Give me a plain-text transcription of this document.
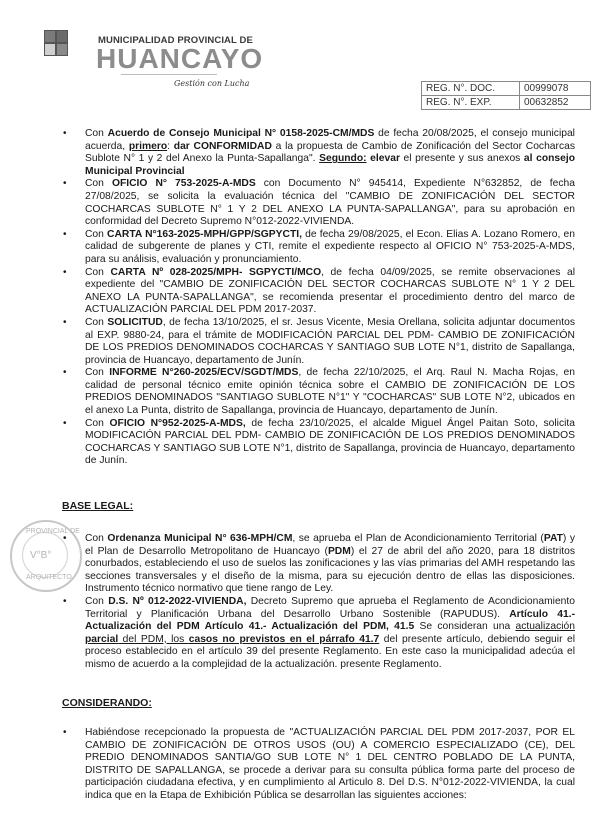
MUNICIPALIDAD PROVINCIAL DE
HUANCAYO
Gestión con Lucha	REG. N°. DOC.	00999078
REG. N°. EXP.	00632852
• Con Acuerdo de Consejo Municipal N° 0158-2025-CM/MDS de fecha 20/08/2025, el consejo municipal acuerda, primero: dar CONFORMIDAD a la propuesta de Cambio de Zonificación del Sector Cocharcas Sublote N° 1 y 2 del Anexo la Punta-Sapallanga". Segundo: elevar el presente y sus anexos al consejo Municipal Provincial
• Con OFICIO N° 753-2025-A-MDS con Documento N° 945414, Expediente N°632852, de fecha 27/08/2025, se solicita la evaluación técnica del "CAMBIO DE ZONIFICACIÓN DEL SECTOR COCHARCAS SUBLOTE N° 1 Y 2 DEL ANEXO LA PUNTA-SAPALLANGA", para su aprobación en conformidad del Decreto Supremo N°012-2022-VIVIENDA.
• Con CARTA N°163-2025-MPH/GPP/SGPYCTI, de fecha 29/08/2025, el Econ. Elias A. Lozano Romero, en calidad de subgerente de planes y CTI, remite el expediente respecto al OFICIO N° 753-2025-A-MDS, para su análisis, evaluación y pronunciamiento.
• Con CARTA Nº 028-2025/MPH- SGPYCTI/MCO, de fecha 04/09/2025, se remite observaciones al expediente del "CAMBIO DE ZONIFICACIÓN DEL SECTOR COCHARCAS SUBLOTE N° 1 Y 2 DEL ANEXO LA PUNTA-SAPALLANGA", se recomienda presentar el procedimiento dentro del marco de ACTUALIZACIÓN PARCIAL DEL PDM 2017-2037.
• Con SOLICITUD, de fecha 13/10/2025, el sr. Jesus Vicente, Mesia Orellana, solicita adjuntar documentos al EXP. 9880-24, para el trámite de MODIFICACIÓN PARCIAL DEL PDM- CAMBIO DE ZONIFICACIÓN DE LOS PREDIOS DENOMINADOS COCHARCAS Y SANTIAGO SUB LOTE N°1, distrito de Sapallanga, provincia de Huancayo, departamento de Junín.
• Con INFORME N°260-2025/ECV/SGDT/MDS, de fecha 22/10/2025, el Arq. Raul N. Macha Rojas, en calidad de personal técnico emite opinión técnica sobre el CAMBIO DE ZONIFICACIÓN DE LOS PREDIOS DENOMINADOS "SANTIAGO SUBLOTE N°1" Y "COCHARCAS" SUB LOTE N°2, ubicados en el anexo La Punta, distrito de Sapallanga, provincia de Huancayo, departamento de Junín.
• Con OFICIO N°952-2025-A-MDS, de fecha 23/10/2025, el alcalde Miguel Ángel Paitan Soto, solicita MODIFICACIÓN PARCIAL DEL PDM- CAMBIO DE ZONIFICACIÓN DE LOS PREDIOS DENOMINADOS COCHARCAS Y SANTIAGO SUB LOTE N°1, distrito de Sapallanga, provincia de Huancayo, departamento de Junín.
BASE LEGAL:
PROVINCIAL DE
V°B°
ARQUITECTO
• Con Ordenanza Municipal N° 636-MPH/CM, se aprueba el Plan de Acondicionamiento Territorial (PAT) y el Plan de Desarrollo Metropolitano de Huancayo (PDM) el 27 de abril del año 2020, para 18 distritos conurbados, estableciendo el uso de suelos las zonificaciones y las vías primarias del AMH respetando las secciones transversales y el diseño de la misma, para su ejecución dentro de ellas las disposiciones. Instrumento técnico normativo que tiene rango de Ley.
• Con D.S. Nº 012-2022-VIVIENDA, Decreto Supremo que aprueba el Reglamento de Acondicionamiento Territorial y Planificación Urbana del Desarrollo Urbano Sostenible (RAPUDUS). Artículo 41.- Actualización del PDM Artículo 41.- Actualización del PDM, 41.5 Se consideran una actualización parcial del PDM, los casos no previstos en el párrafo 41.7 del presente artículo, debiendo seguir el proceso establecido en el artículo 39 del presente Reglamento. En este caso la municipalidad adecúa el mismo de acuerdo a la complejidad de la actualización. presente Reglamento.
CONSIDERANDO:
• Habiéndose recepcionado la propuesta de "ACTUALIZACIÓN PARCIAL DEL PDM 2017-2037, POR EL CAMBIO DE ZONIFICACIÓN DE OTROS USOS (OU) A COMERCIO ESPECIALIZADO (CE), DEL PREDIO DENOMINADOS SANTIA/GO SUB LOTE N° 1 DEL CENTRO POBLADO DE LA PUNTA, DISTRITO DE SAPALLANGA, se procede a derivar para su consulta pública forma parte del proceso de participación ciudadana efectiva, y en cumplimiento al Articulo 8. Del D.S. N°012-2022-VIVIENDA, la cual indica que en la Etapa de Exhibición Pública se desarrollan las siguientes acciones:
